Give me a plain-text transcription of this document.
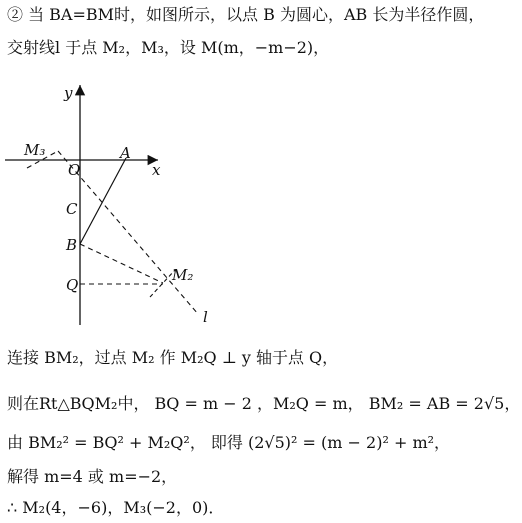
② 当 BA=BM时，如图所示，以点 B 为圆心，AB 长为半径作圆，
交射线l 于点 M₂，M₃，设 M(m，−m−2)，
y
x
O
A
C
B
Q
M₃
M₂
l
连接 BM₂，过点 M₂ 作 M₂Q ⊥ y 轴于点 Q，
则在Rt△BQM₂中， BQ = m − 2 ，M₂Q = m， BM₂ = AB = 2√5，
由 BM₂² = BQ² + M₂Q²， 即得 (2√5)² = (m − 2)² + m²，
解得 m=4 或 m=−2，
∴ M₂(4，−6)，M₃(−2，0)．
